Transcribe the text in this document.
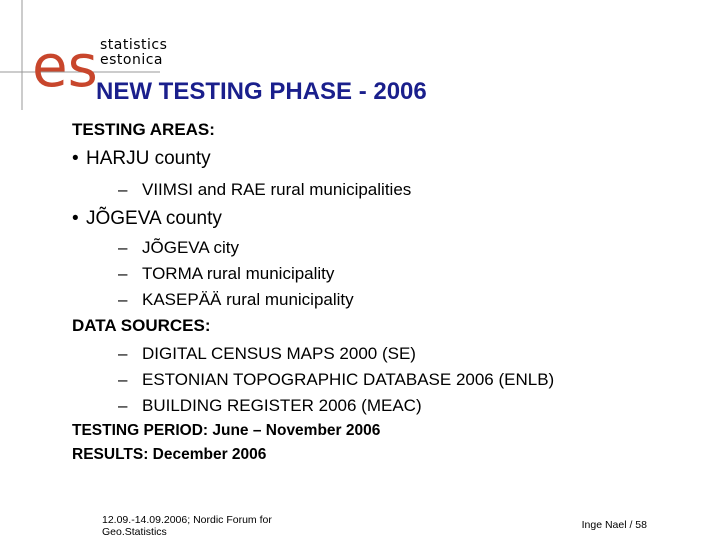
es statistics
estonica
NEW TESTING PHASE - 2006
TESTING AREAS:
• HARJU county
– VIIMSI and RAE rural municipalities
• JÕGEVA county
– JÕGEVA city
– TORMA rural municipality
– KASEPÄÄ rural municipality
DATA SOURCES:
– DIGITAL CENSUS MAPS 2000 (SE)
– ESTONIAN TOPOGRAPHIC DATABASE 2006 (ENLB)
– BUILDING REGISTER 2006 (MEAC)
TESTING PERIOD: June – November 2006
RESULTS: December 2006
12.09.-14.09.2006; Nordic Forum for
Geo.Statistics
Inge Nael / 58
